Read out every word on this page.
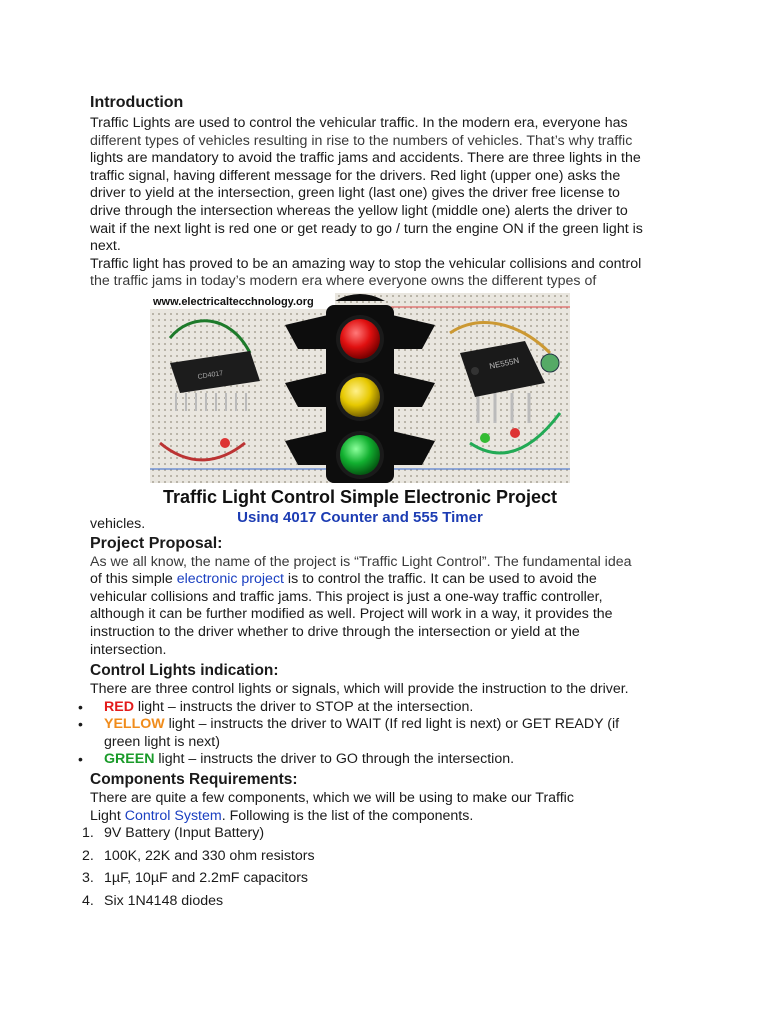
Introduction
Traffic Lights are used to control the vehicular traffic. In the modern era, everyone has
different types of vehicles resulting in rise to the numbers of vehicles. That’s why traffic
lights are mandatory to avoid the traffic jams and accidents. There are three lights in the
traffic signal, having different message for the drivers. Red light (upper one) asks the
driver to yield at the intersection, green light (last one) gives the driver free license to
drive through the intersection whereas the yellow light (middle one) alerts the driver to
wait if the next light is red one or get ready to go / turn the engine ON if the green light is
next.
Traffic light has proved to be an amazing way to stop the vehicular collisions and control
the traffic jams in today’s modern era where everyone owns the different types of
www.electricaltecchnology.org
CD4017
NE555N
Traffic Light Control Simple Electronic Project
Using 4017 Counter and 555 Timer
vehicles.
Project Proposal:
As we all know, the name of the project is “Traffic Light Control”. The fundamental idea
of this simple electronic project is to control the traffic. It can be used to avoid the
vehicular collisions and traffic jams. This project is just a one-way traffic controller,
although it can be further modified as well. Project will work in a way, it provides the
instruction to the driver whether to drive through the intersection or yield at the
intersection.
Control Lights indication:
There are three control lights or signals, which will provide the instruction to the driver.
• RED light – instructs the driver to STOP at the intersection.
• YELLOW light – instructs the driver to WAIT (If red light is next) or GET READY (if
green light is next)
• GREEN light – instructs the driver to GO through the intersection.
Components Requirements:
There are quite a few components, which we will be using to make our Traffic
Light Control System. Following is the list of the components.
1. 9V Battery (Input Battery)
2. 100K, 22K and 330 ohm resistors
3. 1µF, 10µF and 2.2mF capacitors
4. Six 1N4148 diodes
